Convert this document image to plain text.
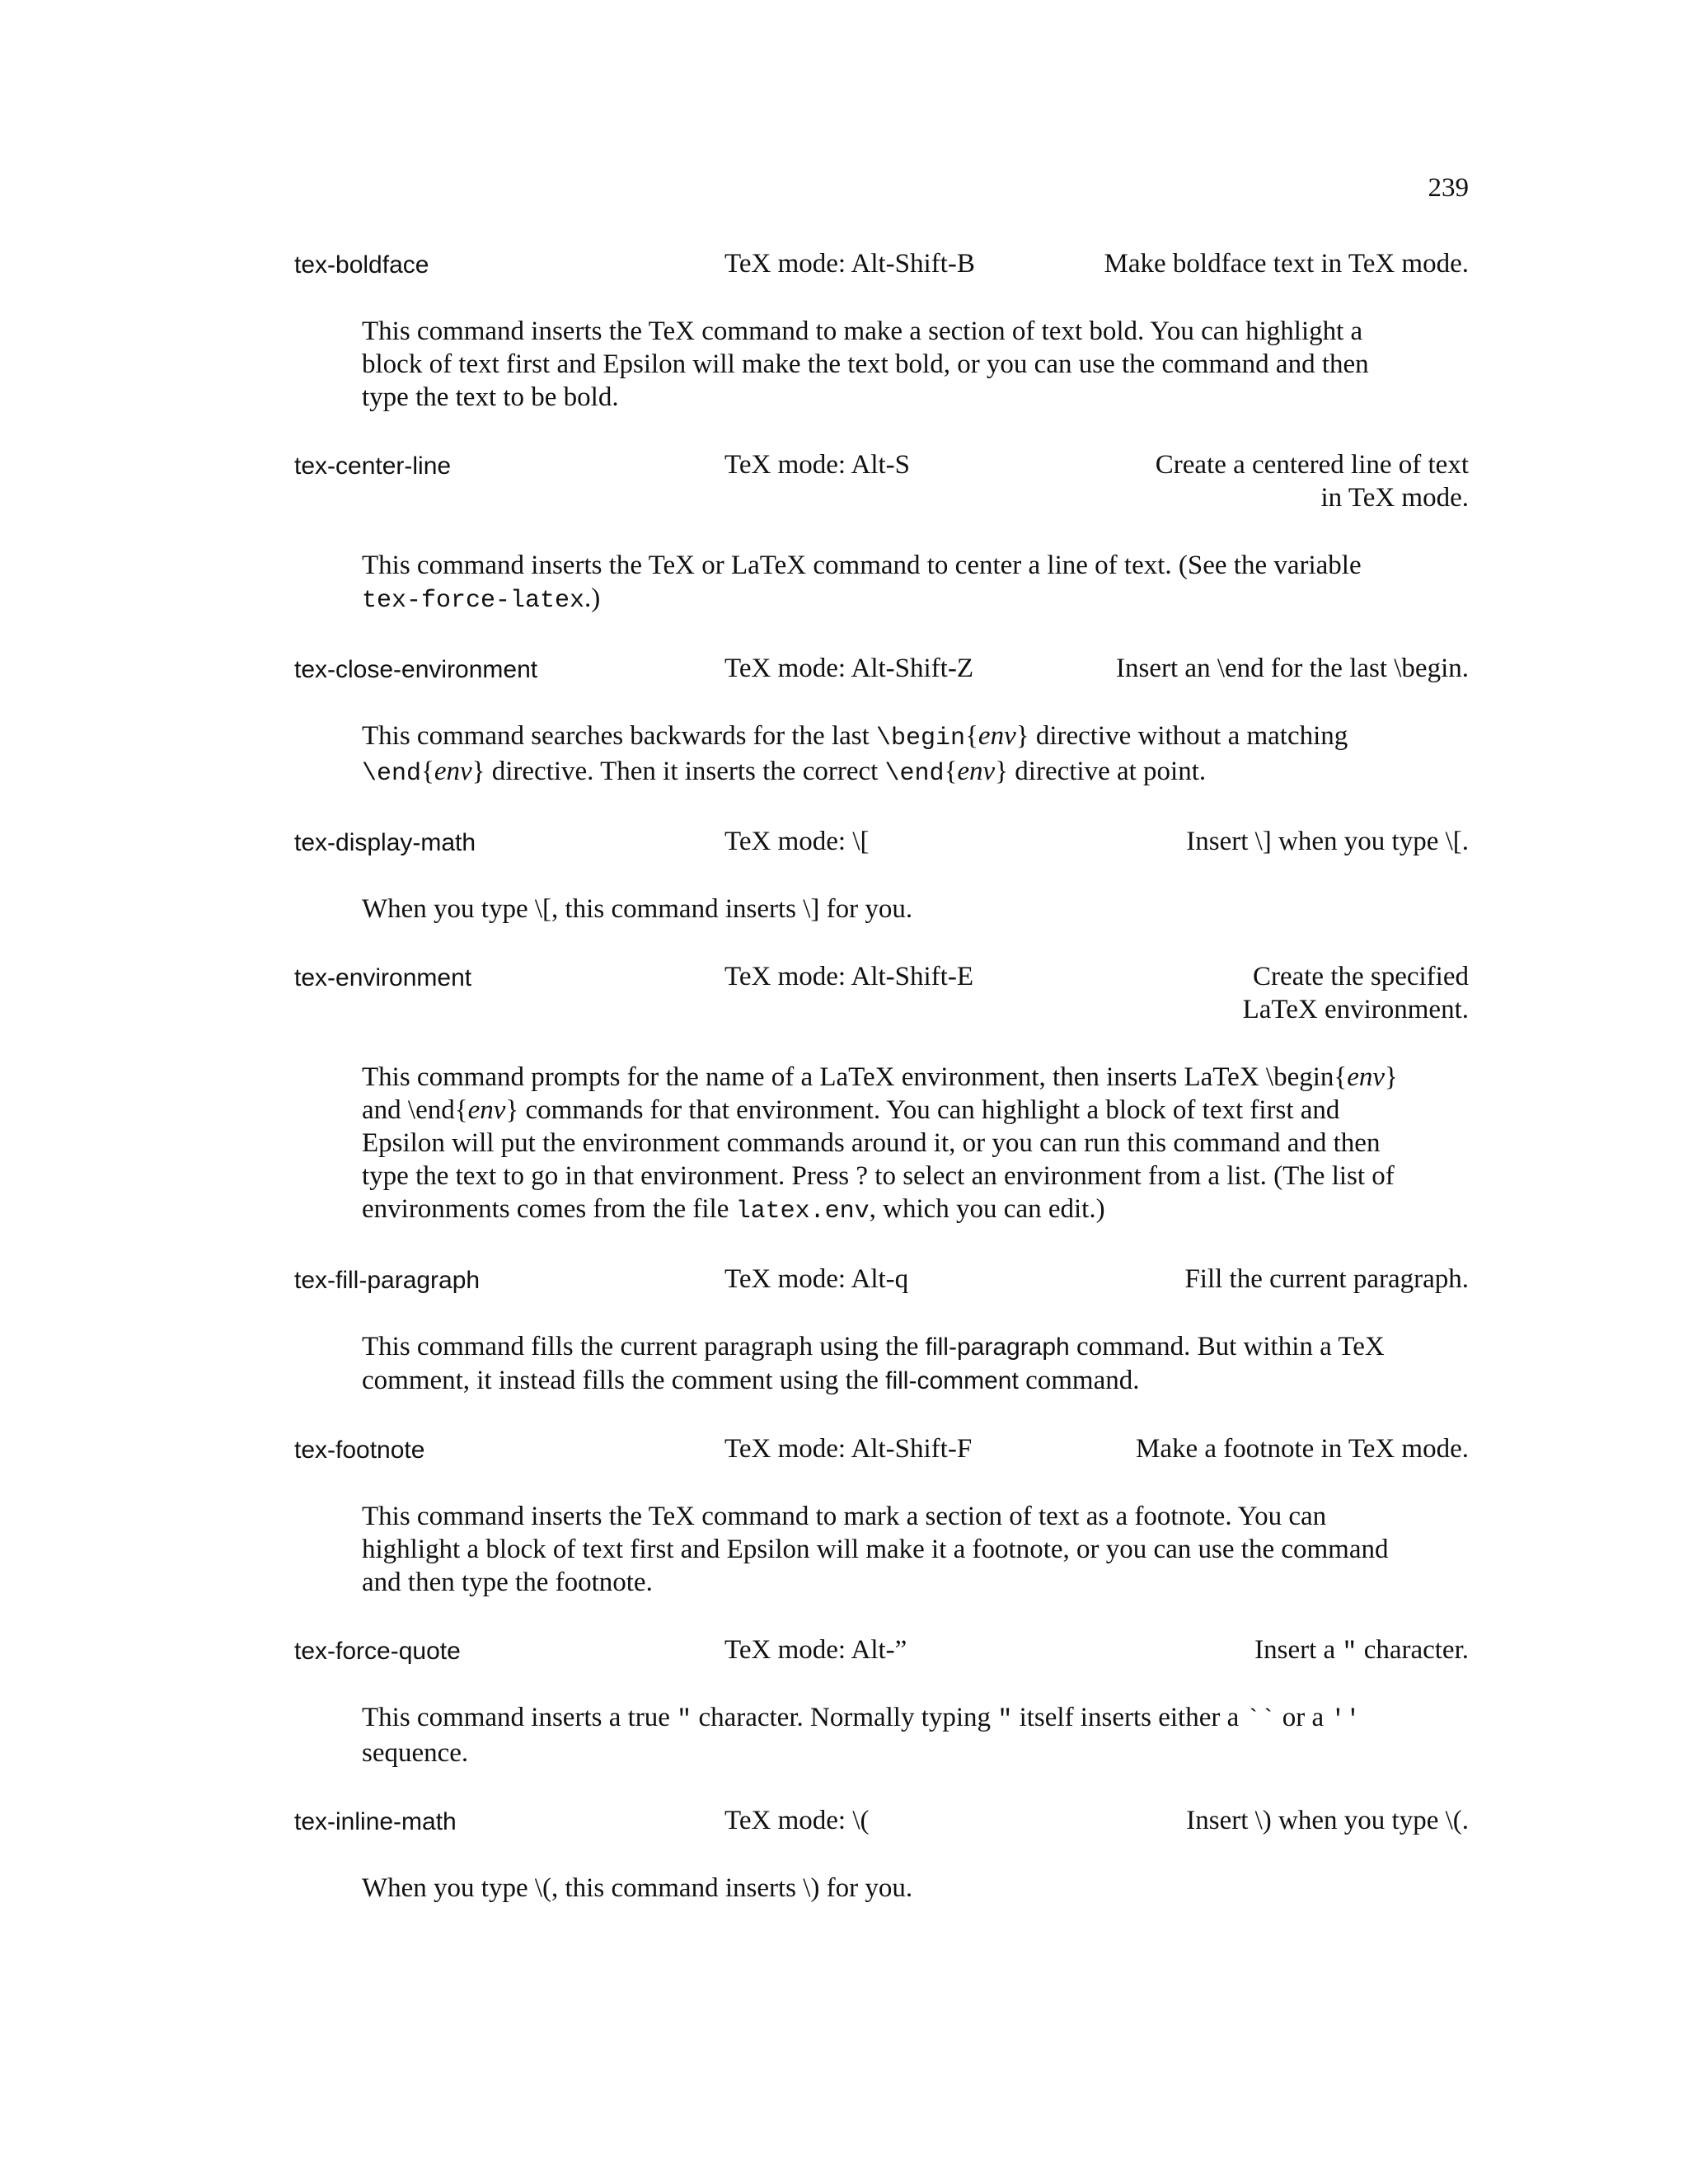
239
tex-boldface	TeX mode: Alt-Shift-B	Make boldface text in TeX mode.

This command inserts the TeX command to make a section of text bold. You can highlight a block of text first and Epsilon will make the text bold, or you can use the command and then type the text to be bold.

tex-center-line	TeX mode: Alt-S	Create a centered line of text
in TeX mode.

This command inserts the TeX or LaTeX command to center a line of text. (See the variable tex-force-latex.)

tex-close-environment	TeX mode: Alt-Shift-Z	Insert an \end for the last \begin.

This command searches backwards for the last \begin{env} directive without a matching
\end{env} directive. Then it inserts the correct \end{env} directive at point.

tex-display-math	TeX mode: \[	Insert \] when you type \[.

When you type \[, this command inserts \] for you.

tex-environment	TeX mode: Alt-Shift-E	Create the specified
LaTeX environment.

This command prompts for the name of a LaTeX environment, then inserts LaTeX \begin{env} and \end{env} commands for that environment. You can highlight a block of text first and Epsilon will put the environment commands around it, or you can run this command and then type the text to go in that environment. Press ? to select an environment from a list. (The list of environments comes from the file latex.env, which you can edit.)

tex-fill-paragraph	TeX mode: Alt-q	Fill the current paragraph.

This command fills the current paragraph using the fill-paragraph command. But within a TeX comment, it instead fills the comment using the fill-comment command.

tex-footnote	TeX mode: Alt-Shift-F	Make a footnote in TeX mode.

This command inserts the TeX command to mark a section of text as a footnote. You can highlight a block of text first and Epsilon will make it a footnote, or you can use the command and then type the footnote.

tex-force-quote	TeX mode: Alt-”	Insert a " character.

This command inserts a true " character. Normally typing " itself inserts either a `` or a ''
sequence.

tex-inline-math	TeX mode: \(	Insert \) when you type \(.

When you type \(, this command inserts \) for you.
